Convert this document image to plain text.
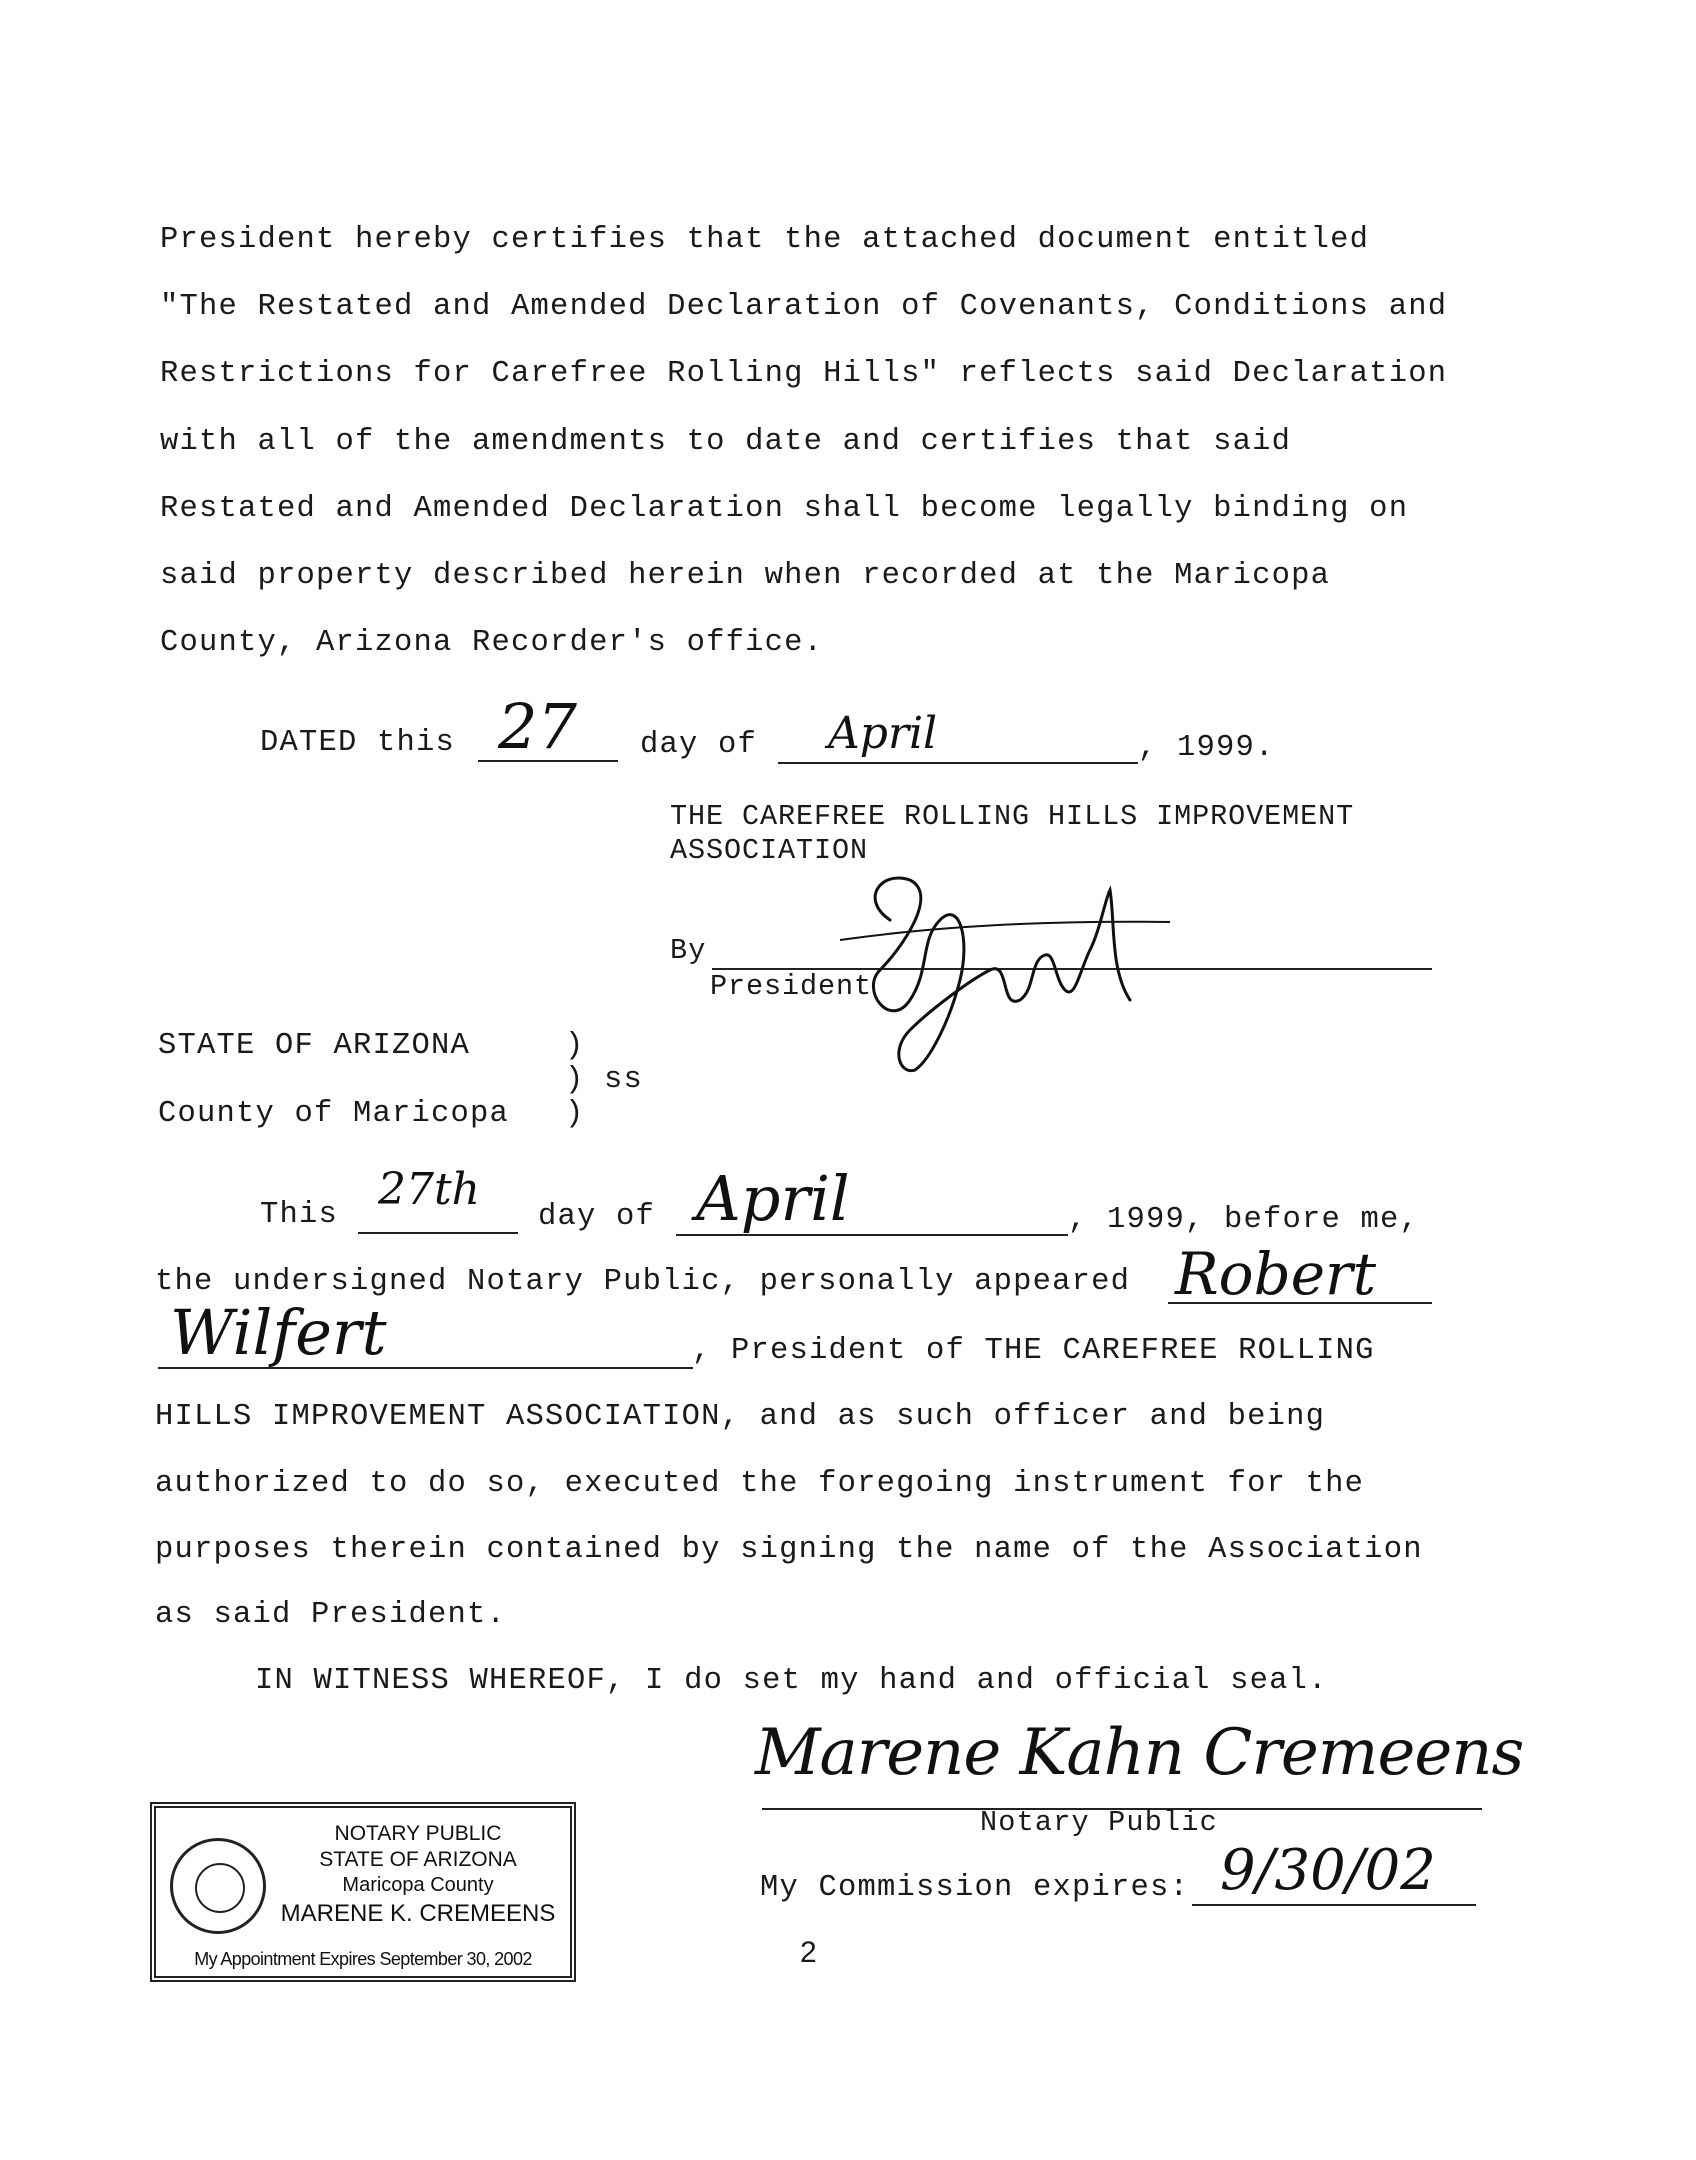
President hereby certifies that the attached document entitled
"The Restated and Amended Declaration of Covenants, Conditions and
Restrictions for Carefree Rolling Hills" reflects said Declaration
with all of the amendments to date and certifies that said
Restated and Amended Declaration shall become legally binding on
said property described herein when recorded at the Maricopa
County, Arizona Recorder's office.
DATED this 27 day of April	, 1999.
THE CAREFREE ROLLING HILLS IMPROVEMENT
ASSOCIATION
By
President
STATE OF ARIZONA	)
) ss
County of Maricopa )
This 27th
day of April	, 1999, before me,
the undersigned Notary Public, personally appeared Robert
Wilfert	, President of THE CAREFREE ROLLING
HILLS IMPROVEMENT ASSOCIATION, and as such officer and being
authorized to do so, executed the foregoing instrument for the
purposes therein contained by signing the name of the Association
as said President.
IN WITNESS WHEREOF, I do set my hand and official seal.
Marene Kahn Cremeens
Notary Public
My Commission expires: 9/30/02
2
NOTARY PUBLIC
STATE OF ARIZONA
Maricopa County
MARENE K. CREMEENS
My Appointment Expires September 30, 2002
